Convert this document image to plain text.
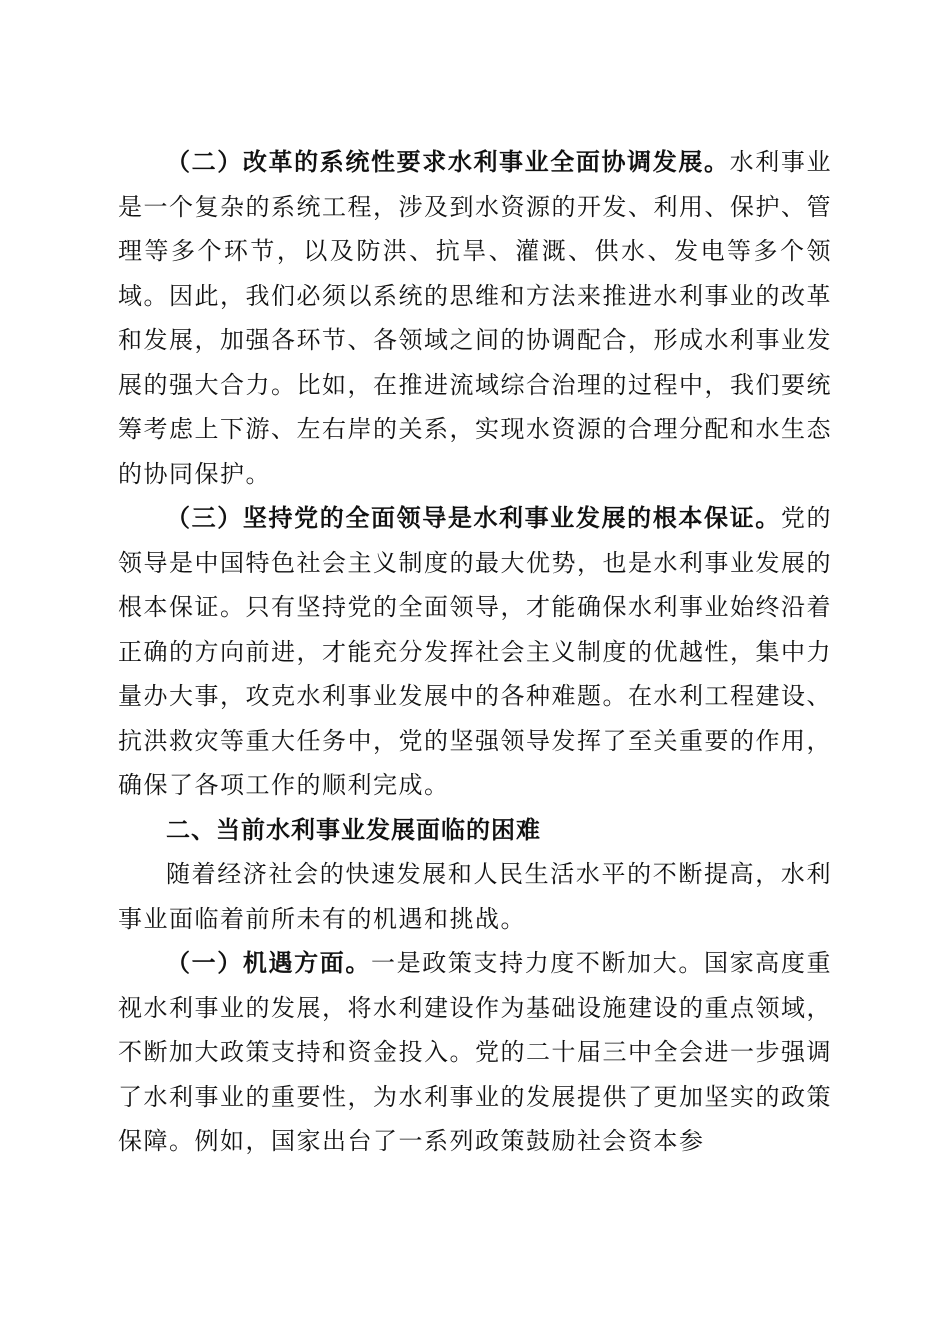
（二）改革的系统性要求水利事业全面协调发展。水利事业是一个复杂的系统工程，涉及到水资源的开发、利用、保护、管理等多个环节，以及防洪、抗旱、灌溉、供水、发电等多个领域。因此，我们必须以系统的思维和方法来推进水利事业的改革和发展，加强各环节、各领域之间的协调配合，形成水利事业发展的强大合力。比如，在推进流域综合治理的过程中，我们要统筹考虑上下游、左右岸的关系，实现水资源的合理分配和水生态的协同保护。

（三）坚持党的全面领导是水利事业发展的根本保证。党的领导是中国特色社会主义制度的最大优势，也是水利事业发展的根本保证。只有坚持党的全面领导，才能确保水利事业始终沿着正确的方向前进，才能充分发挥社会主义制度的优越性，集中力量办大事，攻克水利事业发展中的各种难题。在水利工程建设、抗洪救灾等重大任务中，党的坚强领导发挥了至关重要的作用，确保了各项工作的顺利完成。

二、当前水利事业发展面临的困难

随着经济社会的快速发展和人民生活水平的不断提高，水利事业面临着前所未有的机遇和挑战。

（一）机遇方面。一是政策支持力度不断加大。国家高度重视水利事业的发展，将水利建设作为基础设施建设的重点领域，不断加大政策支持和资金投入。党的二十届三中全会进一步强调了水利事业的重要性，为水利事业的发展提供了更加坚实的政策保障。例如，国家出台了一系列政策鼓励社会资本参
